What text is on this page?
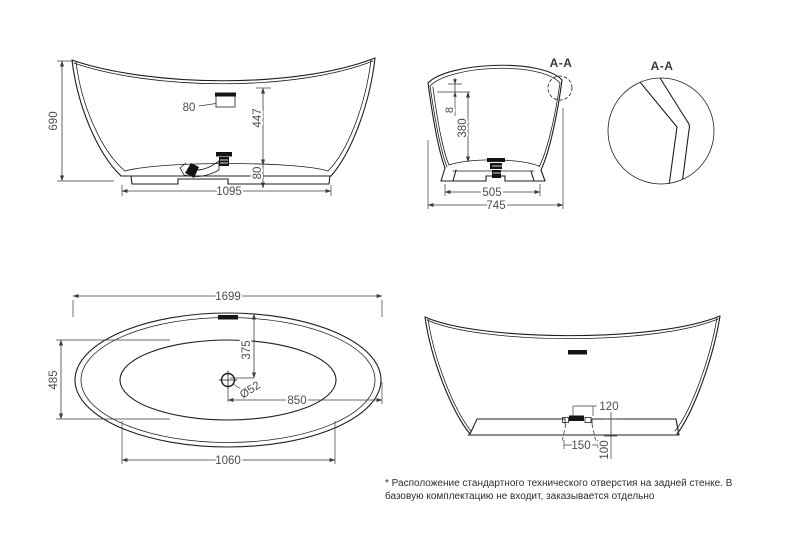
690
80
447
80
1095
A-A
8
380
505
745
A-A
1699
485
375
Ø52 850
1060
120
150 100

* Расположение стандартного технического отверстия на задней стенке. В

базовую комплектацию не входит, заказывается отдельно
